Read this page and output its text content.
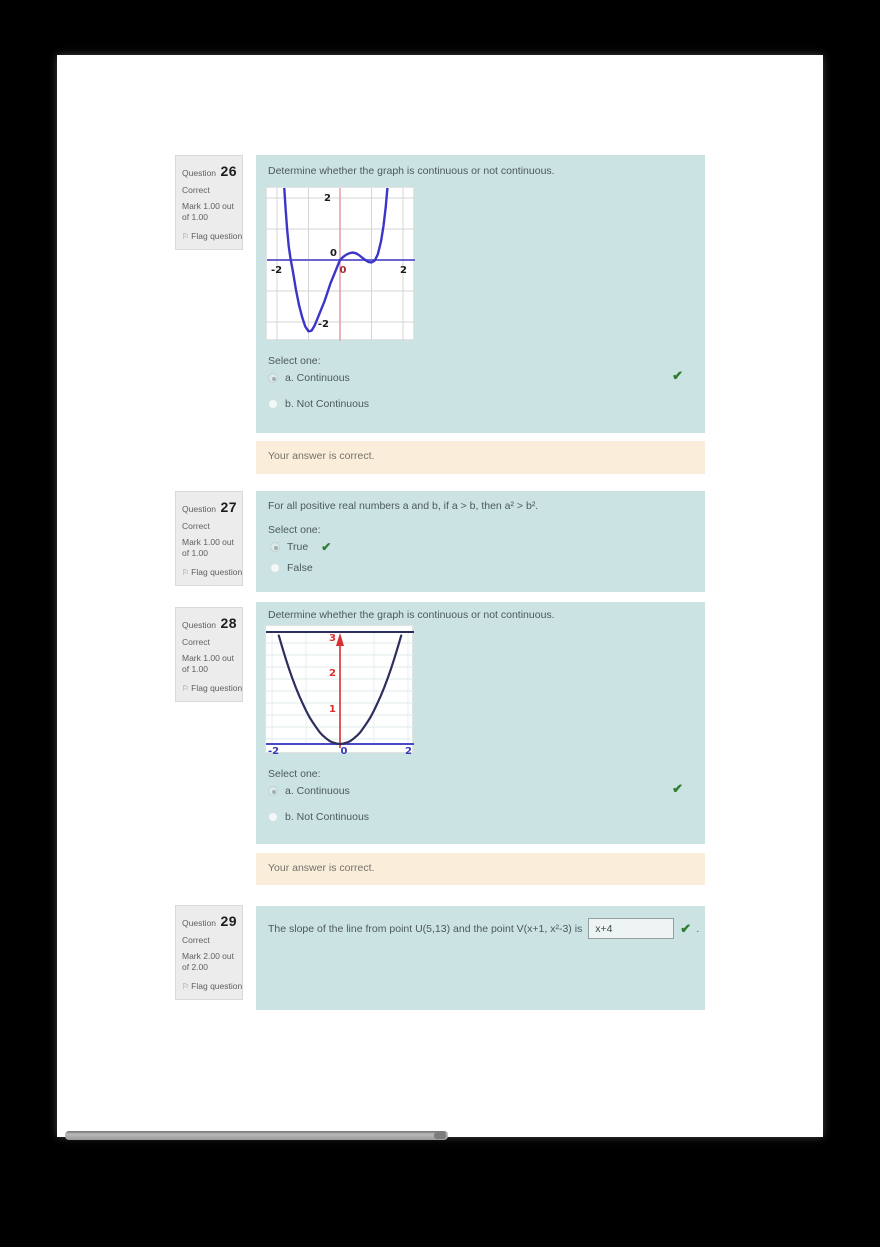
Question 26
Correct
Mark 1.00 out
of 1.00
⚐ Flag question
Determine whether the graph is continuous or not continuous.
2
0
0
-2	2
-2
Select one:
a. Continuous	✔
b. Not Continuous
Your answer is correct.
Question 27
Correct
Mark 1.00 out
of 1.00
⚐ Flag question
For all positive real numbers a and b, if a > b, then a² > b².
Select one:
True ✔
False
Question 28
Correct
Mark 1.00 out
of 1.00
⚐ Flag question
Determine whether the graph is continuous or not continuous.
3
2
1
-2	0	2
Select one:
a. Continuous	✔
b. Not Continuous
Your answer is correct.
Question 29
Correct
Mark 2.00 out
of 2.00
⚐ Flag question
The slope of the line from point U(5,13) and the point V(x+1, x²-3) is
x+4	✔ .
